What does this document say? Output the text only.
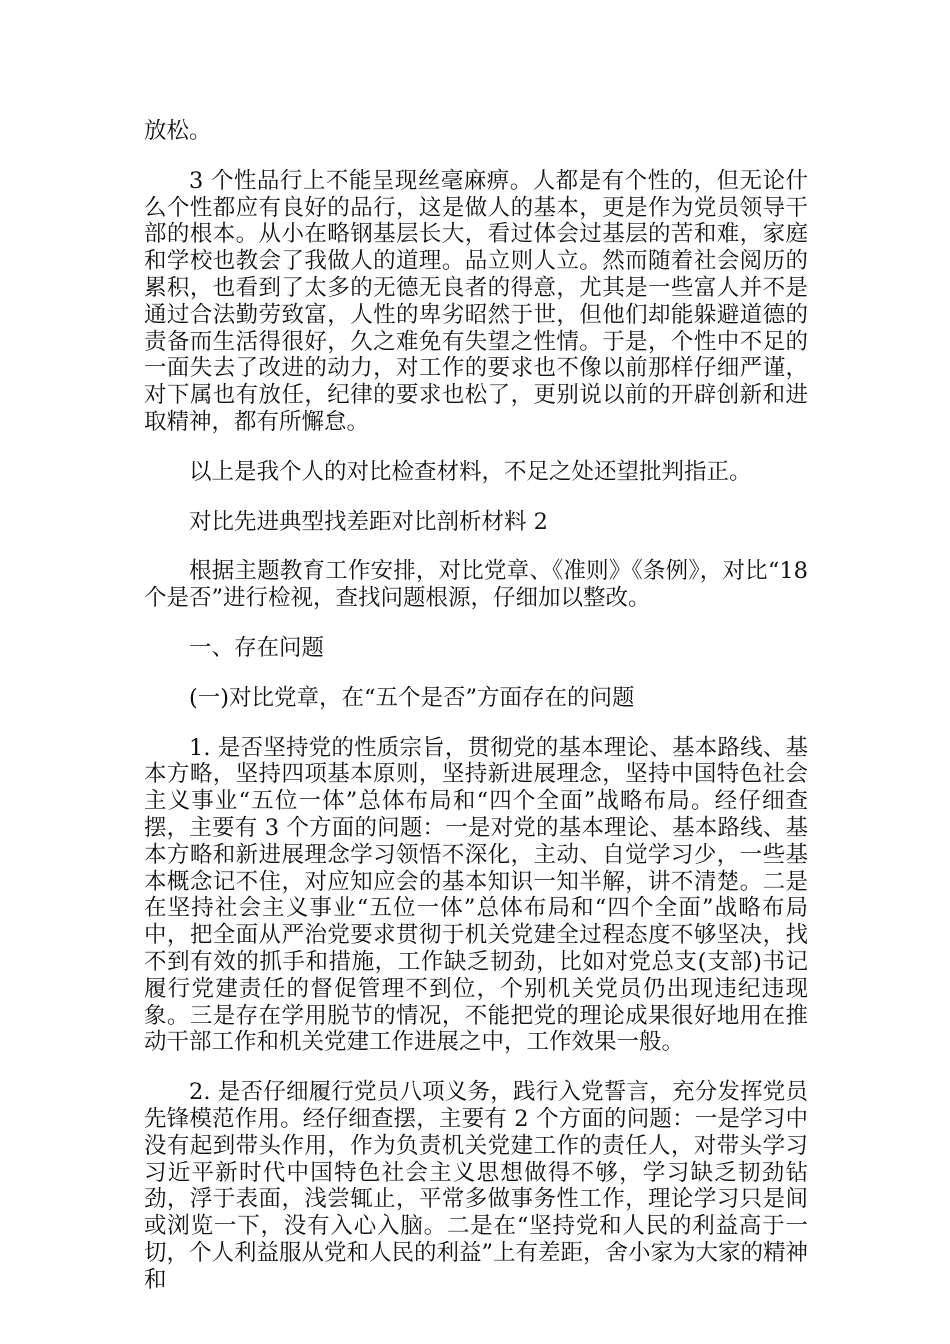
放松。

3 个性品行上不能呈现丝毫麻痹。人都是有个性的，但无论什么个性都应有良好的品行，这是做人的基本，更是作为党员领导干部的根本。从小在略钢基层长大，看过体会过基层的苦和难，家庭和学校也教会了我做人的道理。品立则人立。然而随着社会阅历的累积，也看到了太多的无德无良者的得意，尤其是一些富人并不是通过合法勤劳致富，人性的卑劣昭然于世，但他们却能躲避道德的责备而生活得很好，久之难免有失望之性情。于是，个性中不足的一面失去了改进的动力，对工作的要求也不像以前那样仔细严谨，对下属也有放任，纪律的要求也松了，更别说以前的开辟创新和进取精神，都有所懈怠。

以上是我个人的对比检查材料，不足之处还望批判指正。

对比先进典型找差距对比剖析材料 2

根据主题教育工作安排，对比党章、《准则》《条例》，对比“18 个是否”进行检视，查找问题根源，仔细加以整改。

一、存在问题

(一)对比党章，在“五个是否”方面存在的问题

1. 是否坚持党的性质宗旨，贯彻党的基本理论、基本路线、基本方略，坚持四项基本原则，坚持新进展理念，坚持中国特色社会主义事业“五位一体”总体布局和“四个全面”战略布局。经仔细查摆，主要有 3 个方面的问题：一是对党的基本理论、基本路线、基本方略和新进展理念学习领悟不深化，主动、自觉学习少，一些基本概念记不住，对应知应会的基本知识一知半解，讲不清楚。二是在坚持社会主义事业“五位一体”总体布局和“四个全面”战略布局中，把全面从严治党要求贯彻于机关党建全过程态度不够坚决，找不到有效的抓手和措施，工作缺乏韧劲，比如对党总支(支部)书记履行党建责任的督促管理不到位，个别机关党员仍出现违纪违现象。三是存在学用脱节的情况，不能把党的理论成果很好地用在推动干部工作和机关党建工作进展之中，工作效果一般。

2. 是否仔细履行党员八项义务，践行入党誓言，充分发挥党员先锋模范作用。经仔细查摆，主要有 2 个方面的问题：一是学习中没有起到带头作用，作为负责机关党建工作的责任人，对带头学习习近平新时代中国特色社会主义思想做得不够，学习缺乏韧劲钻劲，浮于表面，浅尝辄止，平常多做事务性工作，理论学习只是间或浏览一下，没有入心入脑。二是在“坚持党和人民的利益高于一切，个人利益服从党和人民的利益”上有差距，舍小家为大家的精神和
